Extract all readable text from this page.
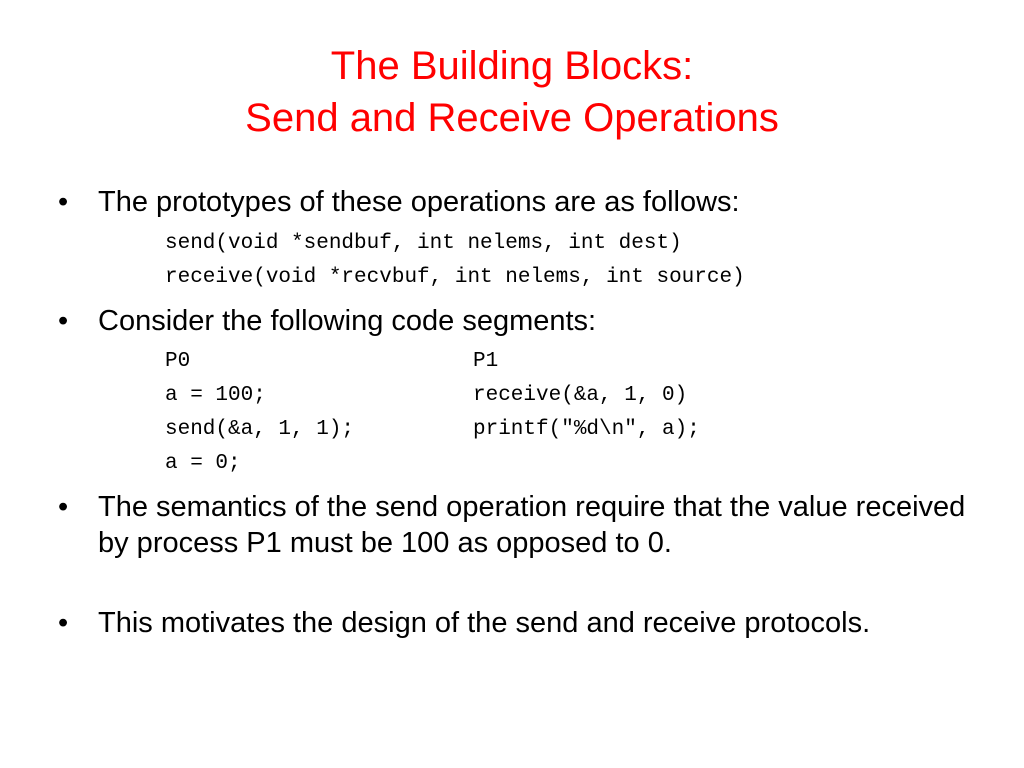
The Building Blocks:
Send and Receive Operations
• The prototypes of these operations are as follows:
send(void *sendbuf, int nelems, int dest)
receive(void *recvbuf, int nelems, int source)
• Consider the following code segments:
P0
a = 100;
send(&a, 1, 1);
a = 0;
P1
receive(&a, 1, 0)
printf("%d\n", a);
• The semantics of the send operation require that the value received by process P1 must be 100 as opposed to 0.
• This motivates the design of the send and receive protocols.
